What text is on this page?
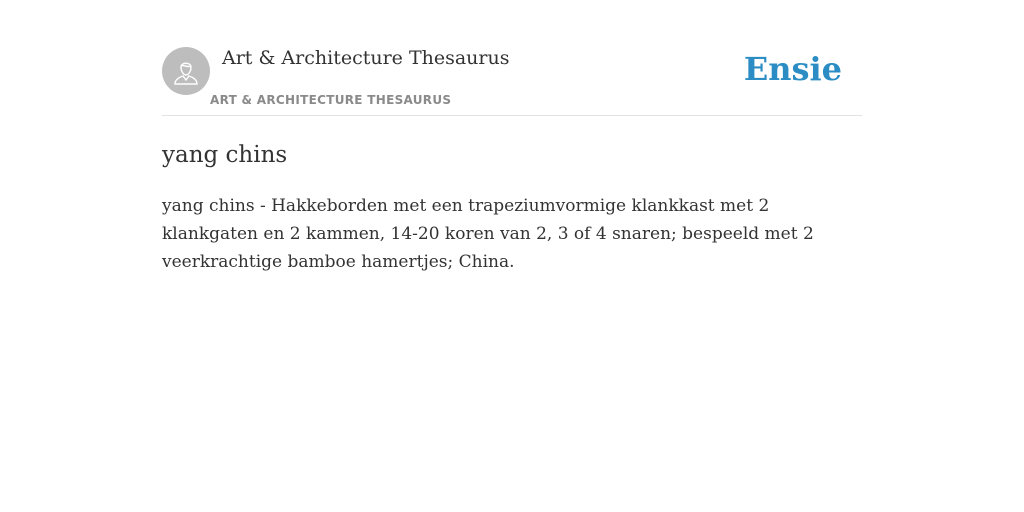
Art & Architecture Thesaurus
ART & ARCHITECTURE THESAURUS
Ensie
yang chins

yang chins - Hakkeborden met een trapeziumvormige klankkast met 2 klankgaten en 2 kammen, 14-20 koren van 2, 3 of 4 snaren; bespeeld met 2 veerkrachtige bamboe hamertjes; China.
